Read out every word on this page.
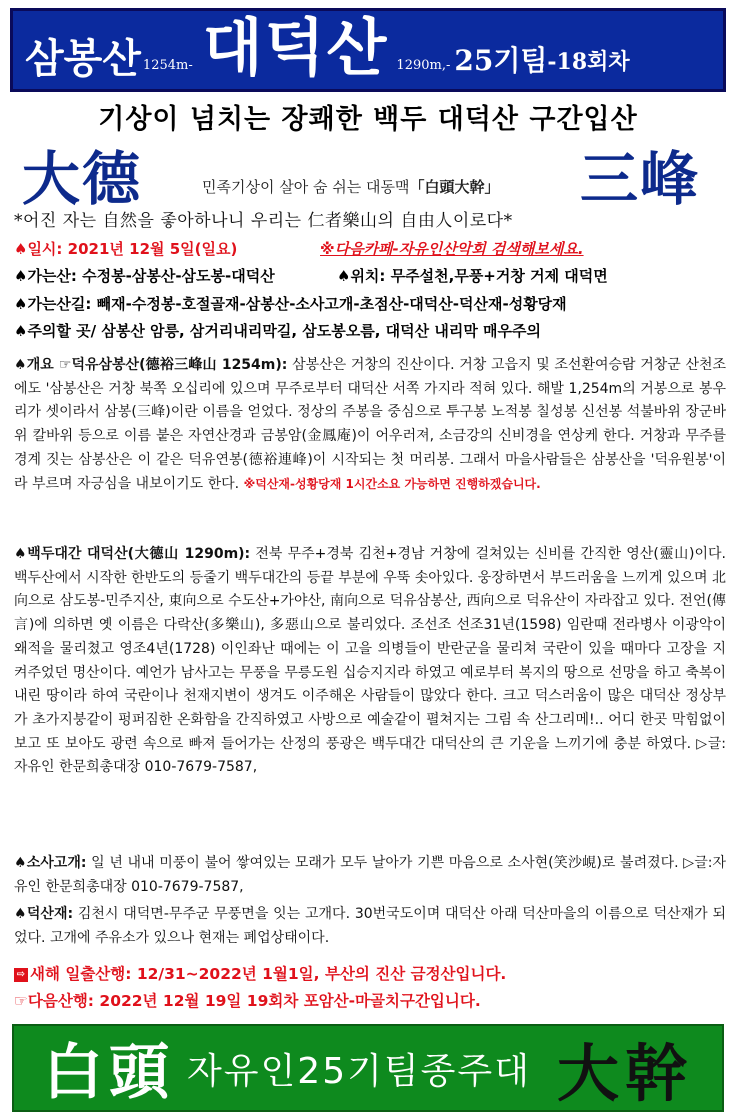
삼봉산 1254m- 대덕산 1290m,- 25기팀 -18회차
기상이 넘치는 장쾌한 백두 대덕산 구간입산
大德	三峰
민족기상이 살아 숨 쉬는 대동맥「白頭大幹」
*어진 자는 自然을 좋아하나니 우리는 仁者樂山의 自由人이로다*
♠일시: 2021년 12월 5일(일요)	※다음카페-자유인산악회 검색해보세요.
♠가는산: 수정봉-삼봉산-삼도봉-대덕산	♠위치: 무주설천,무풍+거창 거제 대덕면
♠가는산길: 빼재-수정봉-호절골재-삼봉산-소사고개-초점산-대덕산-덕산재-성황당재
♠주의할 곳/ 삼봉산 암릉, 삼거리내리막길, 삼도봉오름, 대덕산 내리막 매우주의
♠개요 ☞덕유삼봉산(德裕三峰山 1254m): 삼봉산은 거창의 진산이다. 거창 고읍지 및 조선환여승람 거창군 산천조에도 '삼봉산은 거창 북쪽 오십리에 있으며 무주로부터 대덕산 서쪽 가지라 적혀 있다. 해발 1,254m의 거봉으로 봉우리가 셋이라서 삼봉(三峰)이란 이름을 얻었다. 정상의 주봉을 중심으로 투구봉 노적봉 칠성봉 신선봉 석불바위 장군바위 칼바위 등으로 이름 붙은 자연산경과 금봉암(金鳳庵)이 어우러져, 소금강의 신비경을 연상케 한다. 거창과 무주를 경계 짓는 삼봉산은 이 같은 덕유연봉(德裕連峰)이 시작되는 첫 머리봉. 그래서 마을사람들은 삼봉산을 '덕유원봉'이라 부르며 자긍심을 내보이기도 한다. ※덕산재-성황당재 1시간소요 가능하면 진행하겠습니다.
♠백두대간 대덕산(大德山 1290m): 전북 무주+경북 김천+경남 거창에 걸쳐있는 신비를 간직한 영산(靈山)이다. 백두산에서 시작한 한반도의 등줄기 백두대간의 등끝 부분에 우뚝 솟아있다. 웅장하면서 부드러움을 느끼게 있으며 北向으로 삼도봉-민주지산, 東向으로 수도산+가야산, 南向으로 덕유삼봉산, 西向으로 덕유산이 자라잡고 있다. 전언(傳言)에 의하면 옛 이름은 다락산(多樂山), 多惡山으로 불리었다. 조선조 선조31년(1598) 임란때 전라병사 이광악이 왜적을 물리쳤고 영조4년(1728) 이인좌난 때에는 이 고을 의병들이 반란군을 물리쳐 국란이 있을 때마다 고장을 지켜주었던 명산이다. 예언가 남사고는 무풍을 무릉도원 십승지지라 하였고 예로부터 복지의 땅으로 선망을 하고 축복이 내린 땅이라 하여 국란이나 천재지변이 생겨도 이주해온 사람들이 많았다 한다. 크고 덕스러움이 많은 대덕산 정상부가 초가지붕같이 펑퍼짐한 온화함을 간직하였고 사방으로 예술같이 펼쳐지는 그림 속 산그리메!.. 어디 한곳 막힘없이 보고 또 보아도 광련 속으로 빠져 들어가는 산정의 풍광은 백두대간 대덕산의 큰 기운을 느끼기에 충분 하였다. ▷글:자유인 한문희총대장 010-7679-7587,
♠소사고개: 일 년 내내 미풍이 불어 쌓여있는 모래가 모두 날아가 기쁜 마음으로 소사현(笑沙峴)로 불려졌다. ▷글:자유인 한문희총대장 010-7679-7587,
♠덕산재: 김천시 대덕면-무주군 무풍면을 잇는 고개다. 30번국도이며 대덕산 아래 덕산마을의 이름으로 덕산재가 되었다. 고개에 주유소가 있으나 현재는 폐업상태이다.
⇨ 새해 일출산행: 12/31~2022년 1월1일, 부산의 진산 금정산입니다.
☞다음산행: 2022년 12월 19일 19회차 포암산-마골치구간입니다.
白頭 자유인25기팀종주대 大幹
